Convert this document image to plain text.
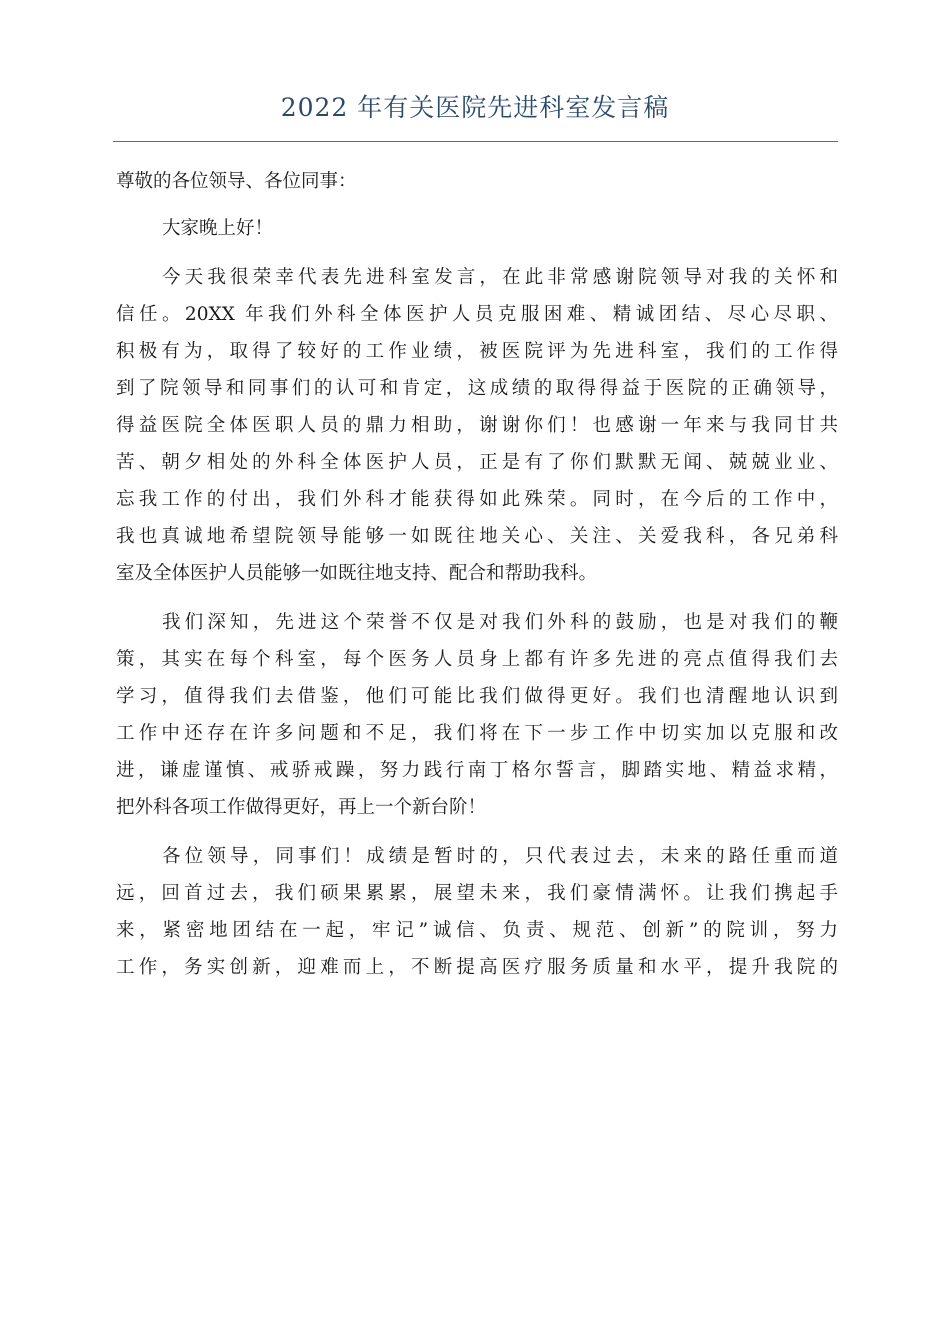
2022 年有关医院先进科室发言稿

尊敬的各位领导、各位同事：

大家晚上好！

今天我很荣幸代表先进科室发言，在此非常感谢院领导对我的关怀和
信任。20XX 年我们外科全体医护人员克服困难、精诚团结、尽心尽职、
积极有为，取得了较好的工作业绩，被医院评为先进科室，我们的工作得
到了院领导和同事们的认可和肯定，这成绩的取得得益于医院的正确领导，
得益医院全体医职人员的鼎力相助，谢谢你们！也感谢一年来与我同甘共
苦、朝夕相处的外科全体医护人员，正是有了你们默默无闻、兢兢业业、
忘我工作的付出，我们外科才能获得如此殊荣。同时，在今后的工作中，
我也真诚地希望院领导能够一如既往地关心、关注、关爱我科，各兄弟科
室及全体医护人员能够一如既往地支持、配合和帮助我科。

我们深知，先进这个荣誉不仅是对我们外科的鼓励，也是对我们的鞭
策，其实在每个科室，每个医务人员身上都有许多先进的亮点值得我们去
学习，值得我们去借鉴，他们可能比我们做得更好。我们也清醒地认识到
工作中还存在许多问题和不足，我们将在下一步工作中切实加以克服和改
进，谦虚谨慎、戒骄戒躁，努力践行南丁格尔誓言，脚踏实地、精益求精，
把外科各项工作做得更好，再上一个新台阶！

各位领导，同事们！成绩是暂时的，只代表过去，未来的路任重而道
远，回首过去，我们硕果累累，展望未来，我们豪情满怀。让我们携起手
来，紧密地团结在一起，牢记”诚信、负责、规范、创新”的院训，努力
工作，务实创新，迎难而上，不断提高医疗服务质量和水平，提升我院的
